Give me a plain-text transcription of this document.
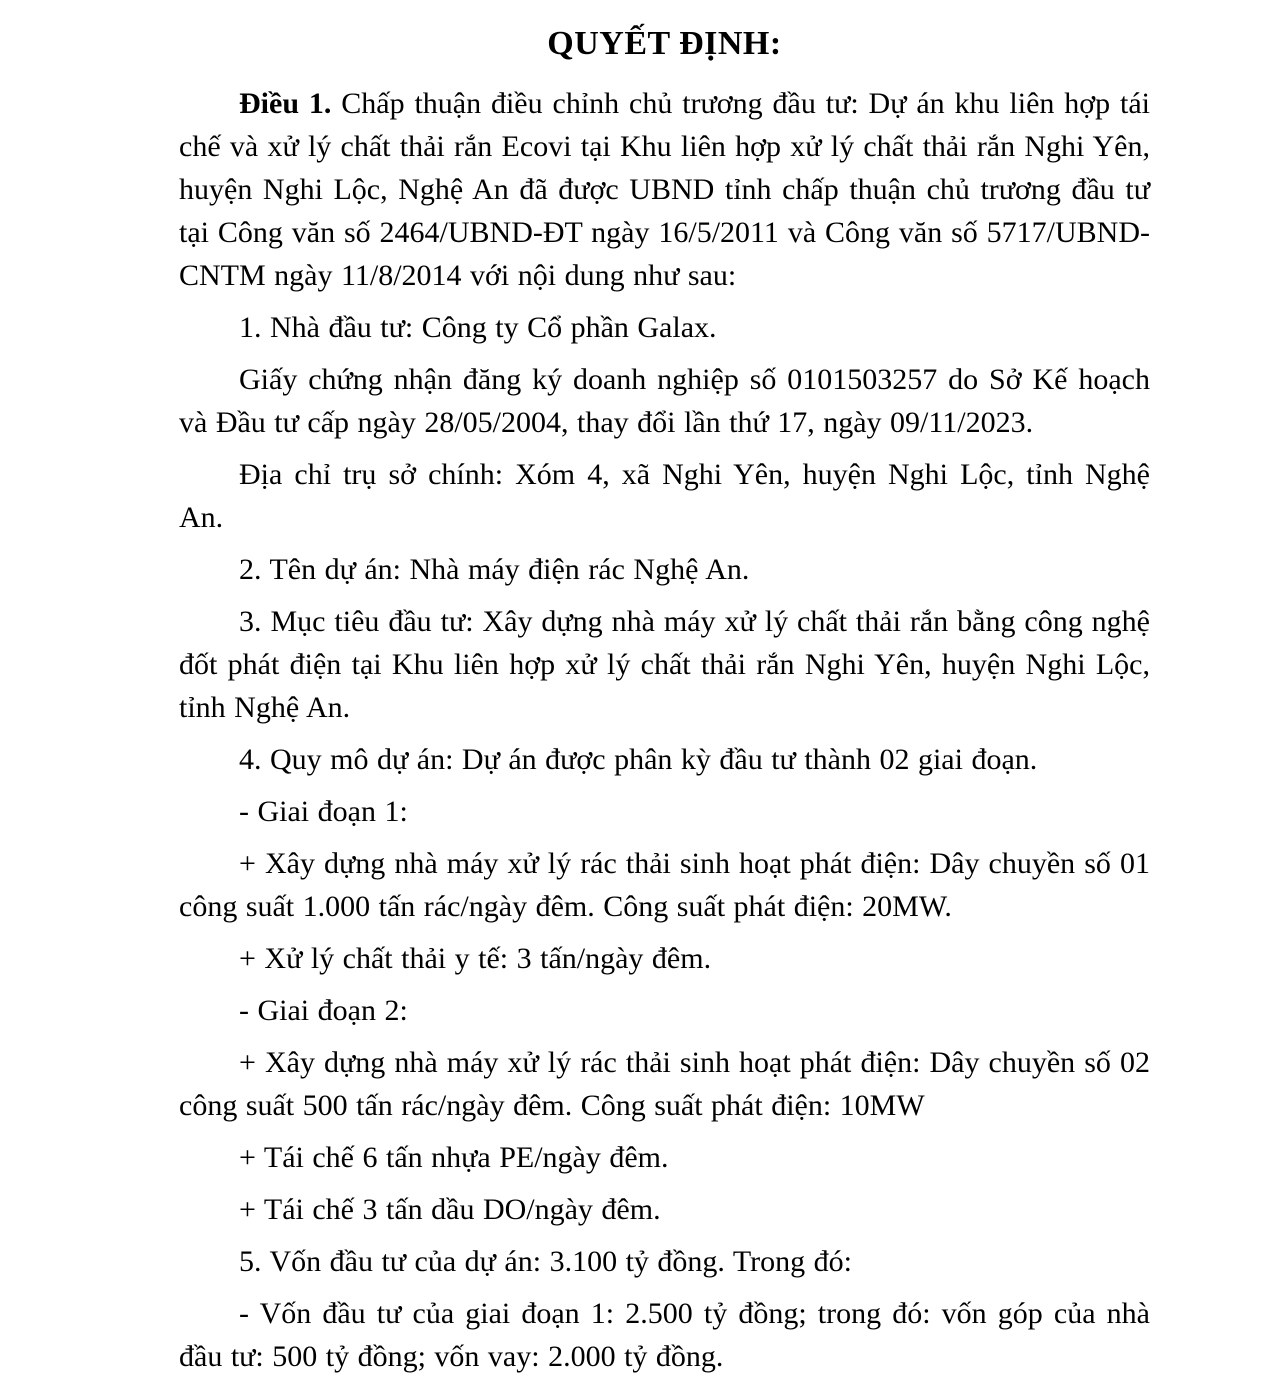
QUYẾT ĐỊNH:

Điều 1. Chấp thuận điều chỉnh chủ trương đầu tư: Dự án khu liên hợp tái chế và xử lý chất thải rắn Ecovi tại Khu liên hợp xử lý chất thải rắn Nghi Yên, huyện Nghi Lộc, Nghệ An đã được UBND tỉnh chấp thuận chủ trương đầu tư tại Công văn số 2464/UBND-ĐT ngày 16/5/2011 và Công văn số 5717/UBND-CNTM ngày 11/8/2014 với nội dung như sau:

1. Nhà đầu tư: Công ty Cổ phần Galax.

Giấy chứng nhận đăng ký doanh nghiệp số 0101503257 do Sở Kế hoạch và Đầu tư cấp ngày 28/05/2004, thay đổi lần thứ 17, ngày 09/11/2023.

Địa chỉ trụ sở chính: Xóm 4, xã Nghi Yên, huyện Nghi Lộc, tỉnh Nghệ An.

2. Tên dự án: Nhà máy điện rác Nghệ An.

3. Mục tiêu đầu tư: Xây dựng nhà máy xử lý chất thải rắn bằng công nghệ đốt phát điện tại Khu liên hợp xử lý chất thải rắn Nghi Yên, huyện Nghi Lộc, tỉnh Nghệ An.

4. Quy mô dự án: Dự án được phân kỳ đầu tư thành 02 giai đoạn.

- Giai đoạn 1:

+ Xây dựng nhà máy xử lý rác thải sinh hoạt phát điện: Dây chuyền số 01 công suất 1.000 tấn rác/ngày đêm. Công suất phát điện: 20MW.

+ Xử lý chất thải y tế: 3 tấn/ngày đêm.

- Giai đoạn 2:

+ Xây dựng nhà máy xử lý rác thải sinh hoạt phát điện: Dây chuyền số 02 công suất 500 tấn rác/ngày đêm. Công suất phát điện: 10MW

+ Tái chế 6 tấn nhựa PE/ngày đêm.

+ Tái chế 3 tấn dầu DO/ngày đêm.

5. Vốn đầu tư của dự án: 3.100 tỷ đồng. Trong đó:

- Vốn đầu tư của giai đoạn 1: 2.500 tỷ đồng; trong đó: vốn góp của nhà đầu tư: 500 tỷ đồng; vốn vay: 2.000 tỷ đồng.
